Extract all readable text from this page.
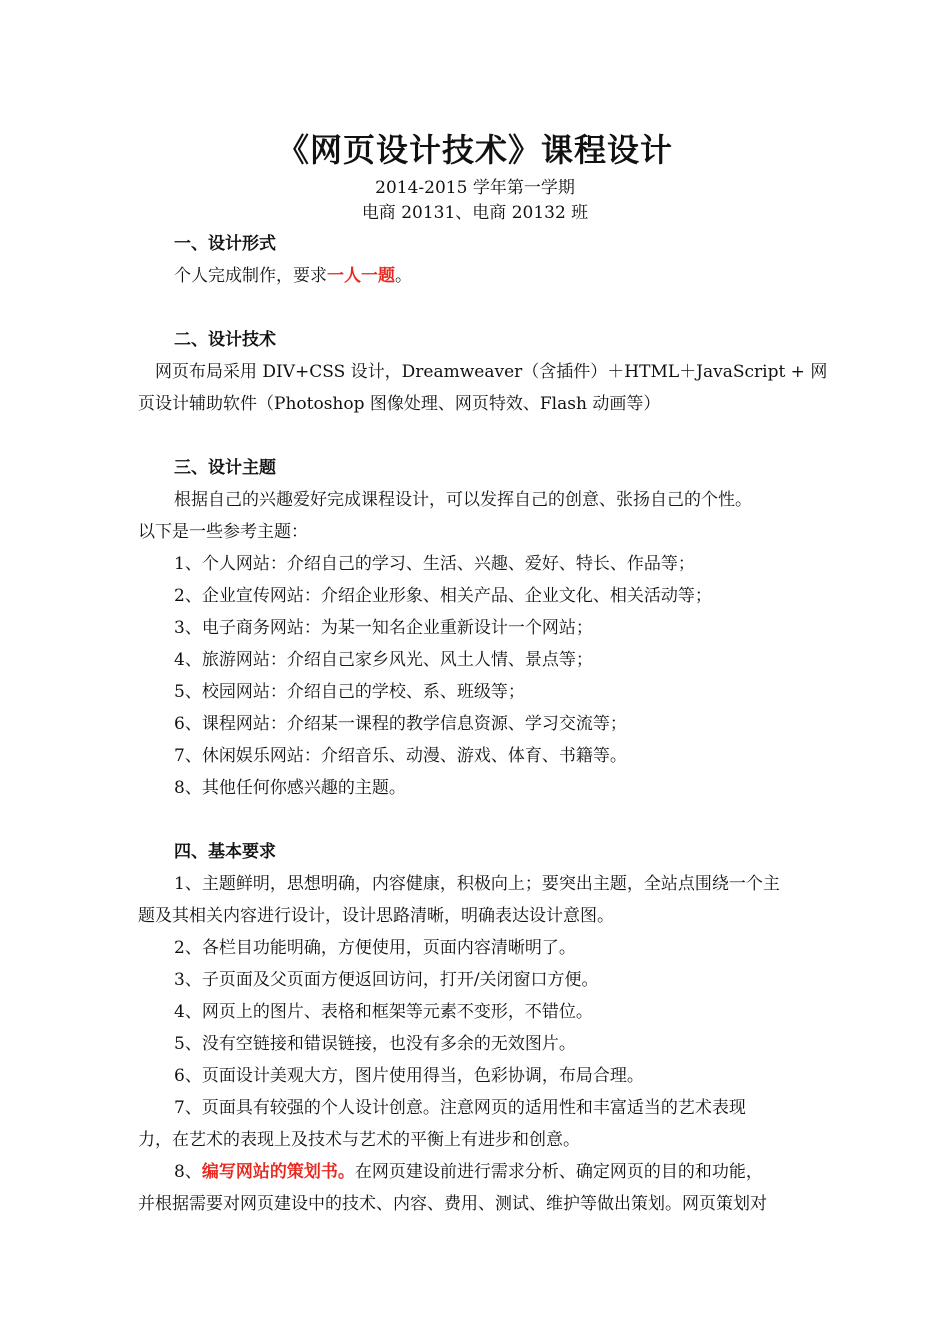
《网页设计技术》课程设计
2014-2015 学年第一学期
电商 20131、电商 20132 班
一、设计形式
个人完成制作，要求一人一题。
二、设计技术
网页布局采用 DIV+CSS 设计，Dreamweaver（含插件）＋HTML＋JavaScript + 网
页设计辅助软件（Photoshop 图像处理、网页特效、Flash 动画等）
三、设计主题
根据自己的兴趣爱好完成课程设计，可以发挥自己的创意、张扬自己的个性。
以下是一些参考主题：
1、个人网站：介绍自己的学习、生活、兴趣、爱好、特长、作品等；
2、企业宣传网站：介绍企业形象、相关产品、企业文化、相关活动等；
3、电子商务网站：为某一知名企业重新设计一个网站；
4、旅游网站：介绍自己家乡风光、风土人情、景点等；
5、校园网站：介绍自己的学校、系、班级等；
6、课程网站：介绍某一课程的教学信息资源、学习交流等；
7、休闲娱乐网站：介绍音乐、动漫、游戏、体育、书籍等。
8、其他任何你感兴趣的主题。
四、基本要求
1、主题鲜明，思想明确，内容健康，积极向上；要突出主题，全站点围绕一个主
题及其相关内容进行设计，设计思路清晰，明确表达设计意图。
2、各栏目功能明确，方便使用，页面内容清晰明了。
3、子页面及父页面方便返回访问，打开/关闭窗口方便。
4、网页上的图片、表格和框架等元素不变形，不错位。
5、没有空链接和错误链接，也没有多余的无效图片。
6、页面设计美观大方，图片使用得当，色彩协调，布局合理。
7、页面具有较强的个人设计创意。注意网页的适用性和丰富适当的艺术表现
力，在艺术的表现上及技术与艺术的平衡上有进步和创意。
8、编写网站的策划书。在网页建设前进行需求分析、确定网页的目的和功能，
并根据需要对网页建设中的技术、内容、费用、测试、维护等做出策划。网页策划对
